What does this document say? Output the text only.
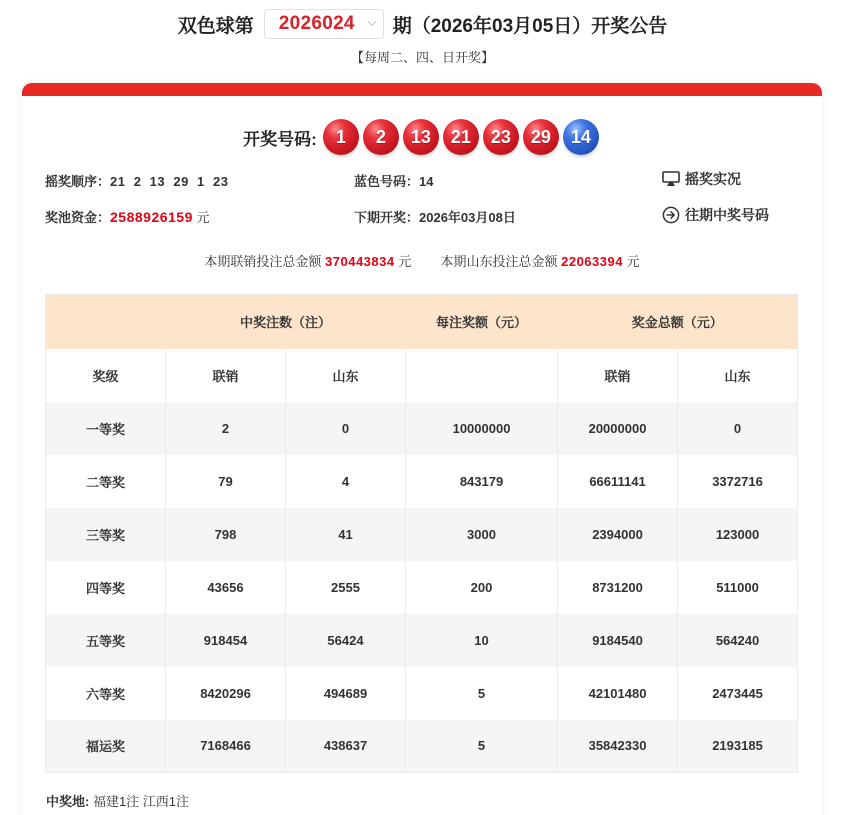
双色球第 2026024 期（2026年03月05日）开奖公告
【每周二、四、日开奖】
开奖号码:	1	2	13	21	23	29	14
摇奖顺序：21  2  13  29  1  23	蓝色号码：14
奖池资金：2588926159 元	下期开奖：2026年03月08日
摇奖实况
往期中奖号码
本期联销投注总金额 370443834 元 本期山东投注总金额 22063394 元
	中奖注数（注）		每注奖额（元）	奖金总额（元）	
奖级	联销	山东		联销	山东
一等奖	2	0	10000000	20000000	0
二等奖	79	4	843179	66611141	3372716
三等奖	798	41	3000	2394000	123000
四等奖	43656	2555	200	8731200	511000
五等奖	918454	56424	10	9184540	564240
六等奖	8420296	494689	5	42101480	2473445
福运奖	7168466	438637	5	35842330	2193185
中奖地: 福建1注 江西1注
